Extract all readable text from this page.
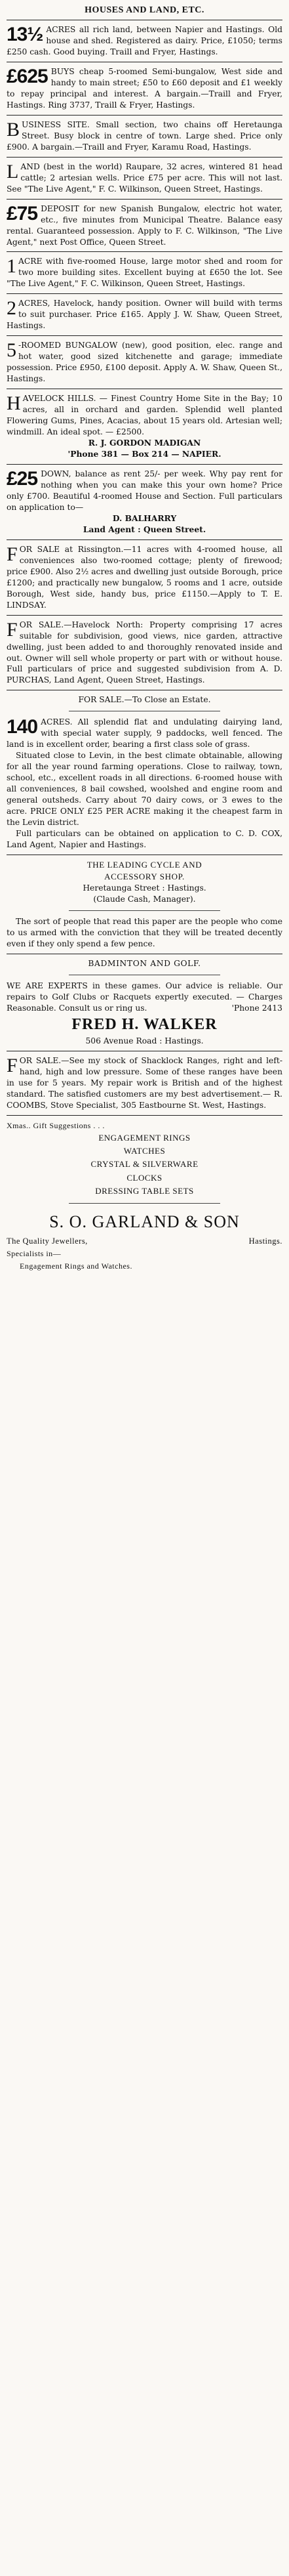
HOUSES AND LAND, ETC.
13½ ACRES all rich land, between Napier and Hastings. Old house and shed. Registered as dairy. Price, £1050; terms £250 cash. Good buying. Traill and Fryer, Hastings.
£625 BUYS cheap 5-roomed Semi-bungalow, West side and handy to main street; £50 to £60 deposit and £1 weekly to repay principal and interest. A bargain.—Traill and Fryer, Hastings. Ring 3737, Traill & Fryer, Hastings.
B USINESS SITE. Small section, two chains off Heretaunga Street. Busy block in centre of town. Large shed. Price only £900. A bargain.—Traill and Fryer, Karamu Road, Hastings.
L AND (best in the world) Raupare, 32 acres, wintered 81 head cattle; 2 artesian wells. Price £75 per acre. This will not last. See "The Live Agent," F. C. Wilkinson, Queen Street, Hastings.
£75 DEPOSIT for new Spanish Bungalow, electric hot water, etc., five minutes from Municipal Theatre. Balance easy rental. Guaranteed possession. Apply to F. C. Wilkinson, "The Live Agent," next Post Office, Queen Street.
1 ACRE with five-roomed House, large motor shed and room for two more building sites. Excellent buying at £650 the lot. See "The Live Agent," F. C. Wilkinson, Queen Street, Hastings.
2 ACRES, Havelock, handy position. Owner will build with terms to suit purchaser. Price £165. Apply J. W. Shaw, Queen Street, Hastings.
5 -ROOMED BUNGALOW (new), good position, elec. range and hot water, good sized kitchenette and garage; immediate possession. Price £950, £100 deposit. Apply A. W. Shaw, Queen St., Hastings.
H AVELOCK HILLS. — Finest Country Home Site in the Bay; 10 acres, all in orchard and garden. Splendid well planted Flowering Gums, Pines, Acacias, about 15 years old. Artesian well; windmill. An ideal spot. — £2500.
R. J. GORDON MADIGAN
'Phone 381 — Box 214 — NAPIER.
£25 DOWN, balance as rent 25/- per week. Why pay rent for nothing when you can make this your own home? Price only £700. Beautiful 4-roomed House and Section. Full particulars on application to—
D. BALHARRY
Land Agent : Queen Street.
F OR SALE at Rissington.—11 acres with 4-roomed house, all conveniences also two-roomed cottage; plenty of firewood; price £900. Also 2½ acres and dwelling just outside Borough, price £1200; and practically new bungalow, 5 rooms and 1 acre, outside Borough, West side, handy bus, price £1150.—Apply to T. E. LINDSAY.
F OR SALE.—Havelock North: Property comprising 17 acres suitable for subdivision, good views, nice garden, attractive dwelling, just been added to and thoroughly renovated inside and out. Owner will sell whole property or part with or without house. Full particulars of price and suggested subdivision from A. D. PURCHAS, Land Agent, Queen Street, Hastings.
FOR SALE.—To Close an Estate.
140 ACRES. All splendid flat and undulating dairying land, with special water supply, 9 paddocks, well fenced. The land is in excellent order, bearing a first class sole of grass.
Situated close to Levin, in the best climate obtainable, allowing for all the year round farming operations. Close to railway, town, school, etc., excellent roads in all directions. 6-roomed house with all conveniences, 8 bail cowshed, woolshed and engine room and general outsheds. Carry about 70 dairy cows, or 3 ewes to the acre. PRICE ONLY £25 PER ACRE making it the cheapest farm in the Levin district.
Full particulars can be obtained on application to C. D. COX, Land Agent, Napier and Hastings.
THE LEADING CYCLE AND
ACCESSORY SHOP.
Heretaunga Street : Hastings.
(Claude Cash, Manager).
The sort of people that read this paper are the people who come to us armed with the conviction that they will be treated decently even if they only spend a few pence.
BADMINTON AND GOLF.
WE ARE EXPERTS in these games. Our advice is reliable. Our repairs to Golf Clubs or Racquets expertly executed. — Charges Reasonable. Consult us or ring us.	'Phone 2413
FRED H. WALKER
506 Avenue Road : Hastings.
F OR SALE.—See my stock of Shacklock Ranges, right and left-hand, high and low pressure. Some of these ranges have been in use for 5 years. My repair work is British and of the highest standard. The satisfied customers are my best advertisement.— R. COOMBS, Stove Specialist, 305 Eastbourne St. West, Hastings.
Xmas.. Gift Suggestions . . .
ENGAGEMENT RINGS
WATCHES
CRYSTAL & SILVERWARE
CLOCKS
DRESSING TABLE SETS
S. O. GARLAND & SON
The Quality Jewellers,	Hastings.
Specialists in—
Engagement Rings and Watches.
